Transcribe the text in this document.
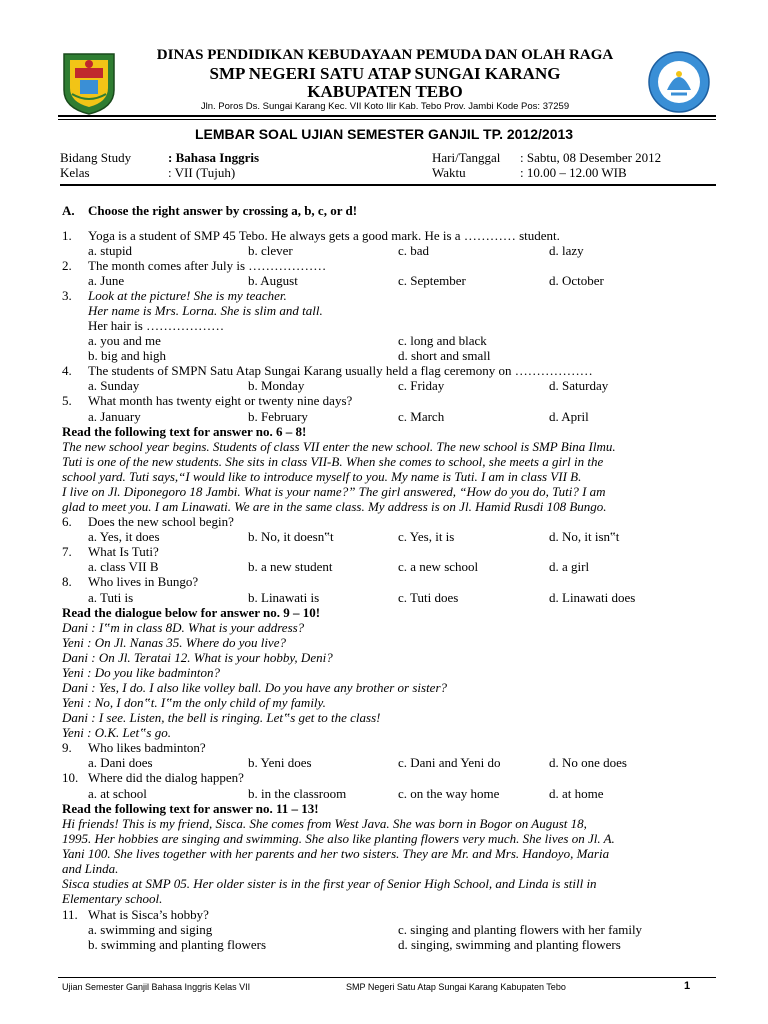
DINAS PENDIDIKAN KEBUDAYAAN PEMUDA DAN OLAH RAGA
SMP NEGERI SATU ATAP SUNGAI KARANG
KABUPATEN TEBO
Jln. Poros Ds. Sungai Karang Kec. VII Koto Ilir Kab. Tebo Prov. Jambi Kode Pos: 37259
LEMBAR SOAL UJIAN SEMESTER GANJIL TP. 2012/2013
Bidang Study	: Bahasa Inggris
Kelas	: VII (Tujuh)
Hari/Tanggal : Sabtu, 08 Desember 2012
Waktu	: 10.00 – 12.00 WIB
A. Choose the right answer by crossing a, b, c, or d!
1. Yoga is a student of SMP 45 Tebo. He always gets a good mark. He is a ………… student.
a. stupid	b. clever	c. bad	d. lazy
2. The month comes after July is ………………
a. June	b. August	c. September	d. October
3. Look at the picture! She is my teacher.
Her name is Mrs. Lorna. She is slim and tall.
Her hair is ………………
a. you and me	c. long and black
b. big and high	d. short and small
4. The students of SMPN Satu Atap Sungai Karang usually held a flag ceremony on ………………
a. Sunday	b. Monday	c. Friday	d. Saturday
5. What month has twenty eight or twenty nine days?
a. January	b. February	c. March	d. April
Read the following text for answer no. 6 – 8!
The new school year begins. Students of class VII enter the new school. The new school is SMP Bina Ilmu.
Tuti is one of the new students. She sits in class VII-B. When she comes to school, she meets a girl in the
school yard. Tuti says,“I would like to introduce myself to you. My name is Tuti. I am in class VII B.
I live on Jl. Diponegoro 18 Jambi. What is your name?” The girl answered, “How do you do, Tuti? I am
glad to meet you. I am Linawati. We are in the same class. My address is on Jl. Hamid Rusdi 108 Bungo.
6. Does the new school begin?
a. Yes, it does	b. No, it doesn‟t	c. Yes, it is	d. No, it isn‟t
7. What Is Tuti?
a. class VII B	b. a new student	c. a new school	d. a girl
8. Who lives in Bungo?
a. Tuti is	b. Linawati is	c. Tuti does	d. Linawati does
Read the dialogue below for answer no. 9 – 10!
Dani : I‟m in class 8D. What is your address?
Yeni : On Jl. Nanas 35. Where do you live?
Dani : On Jl. Teratai 12. What is your hobby, Deni?
Yeni : Do you like badminton?
Dani : Yes, I do. I also like volley ball. Do you have any brother or sister?
Yeni : No, I don‟t. I‟m the only child of my family.
Dani : I see. Listen, the bell is ringing. Let‟s get to the class!
Yeni : O.K. Let‟s go.
9. Who likes badminton?
a. Dani does	b. Yeni does	c. Dani and Yeni do	d. No one does
10. Where did the dialog happen?
a. at school	b. in the classroom	c. on the way home	d. at home
Read the following text for answer no. 11 – 13!
Hi friends! This is my friend, Sisca. She comes from West Java. She was born in Bogor on August 18,
1995. Her hobbies are singing and swimming. She also like planting flowers very much. She lives on Jl. A.
Yani 100. She lives together with her parents and her two sisters. They are Mr. and Mrs. Handoyo, Maria
and Linda.
Sisca studies at SMP 05. Her older sister is in the first year of Senior High School, and Linda is still in
Elementary school.
11. What is Sisca’s hobby?
a. swimming and siging	c. singing and planting flowers with her family
b. swimming and planting flowers	d. singing, swimming and planting flowers
Ujian Semester Ganjil Bahasa Inggris Kelas VII	SMP Negeri Satu Atap Sungai Karang Kabupaten Tebo	1
